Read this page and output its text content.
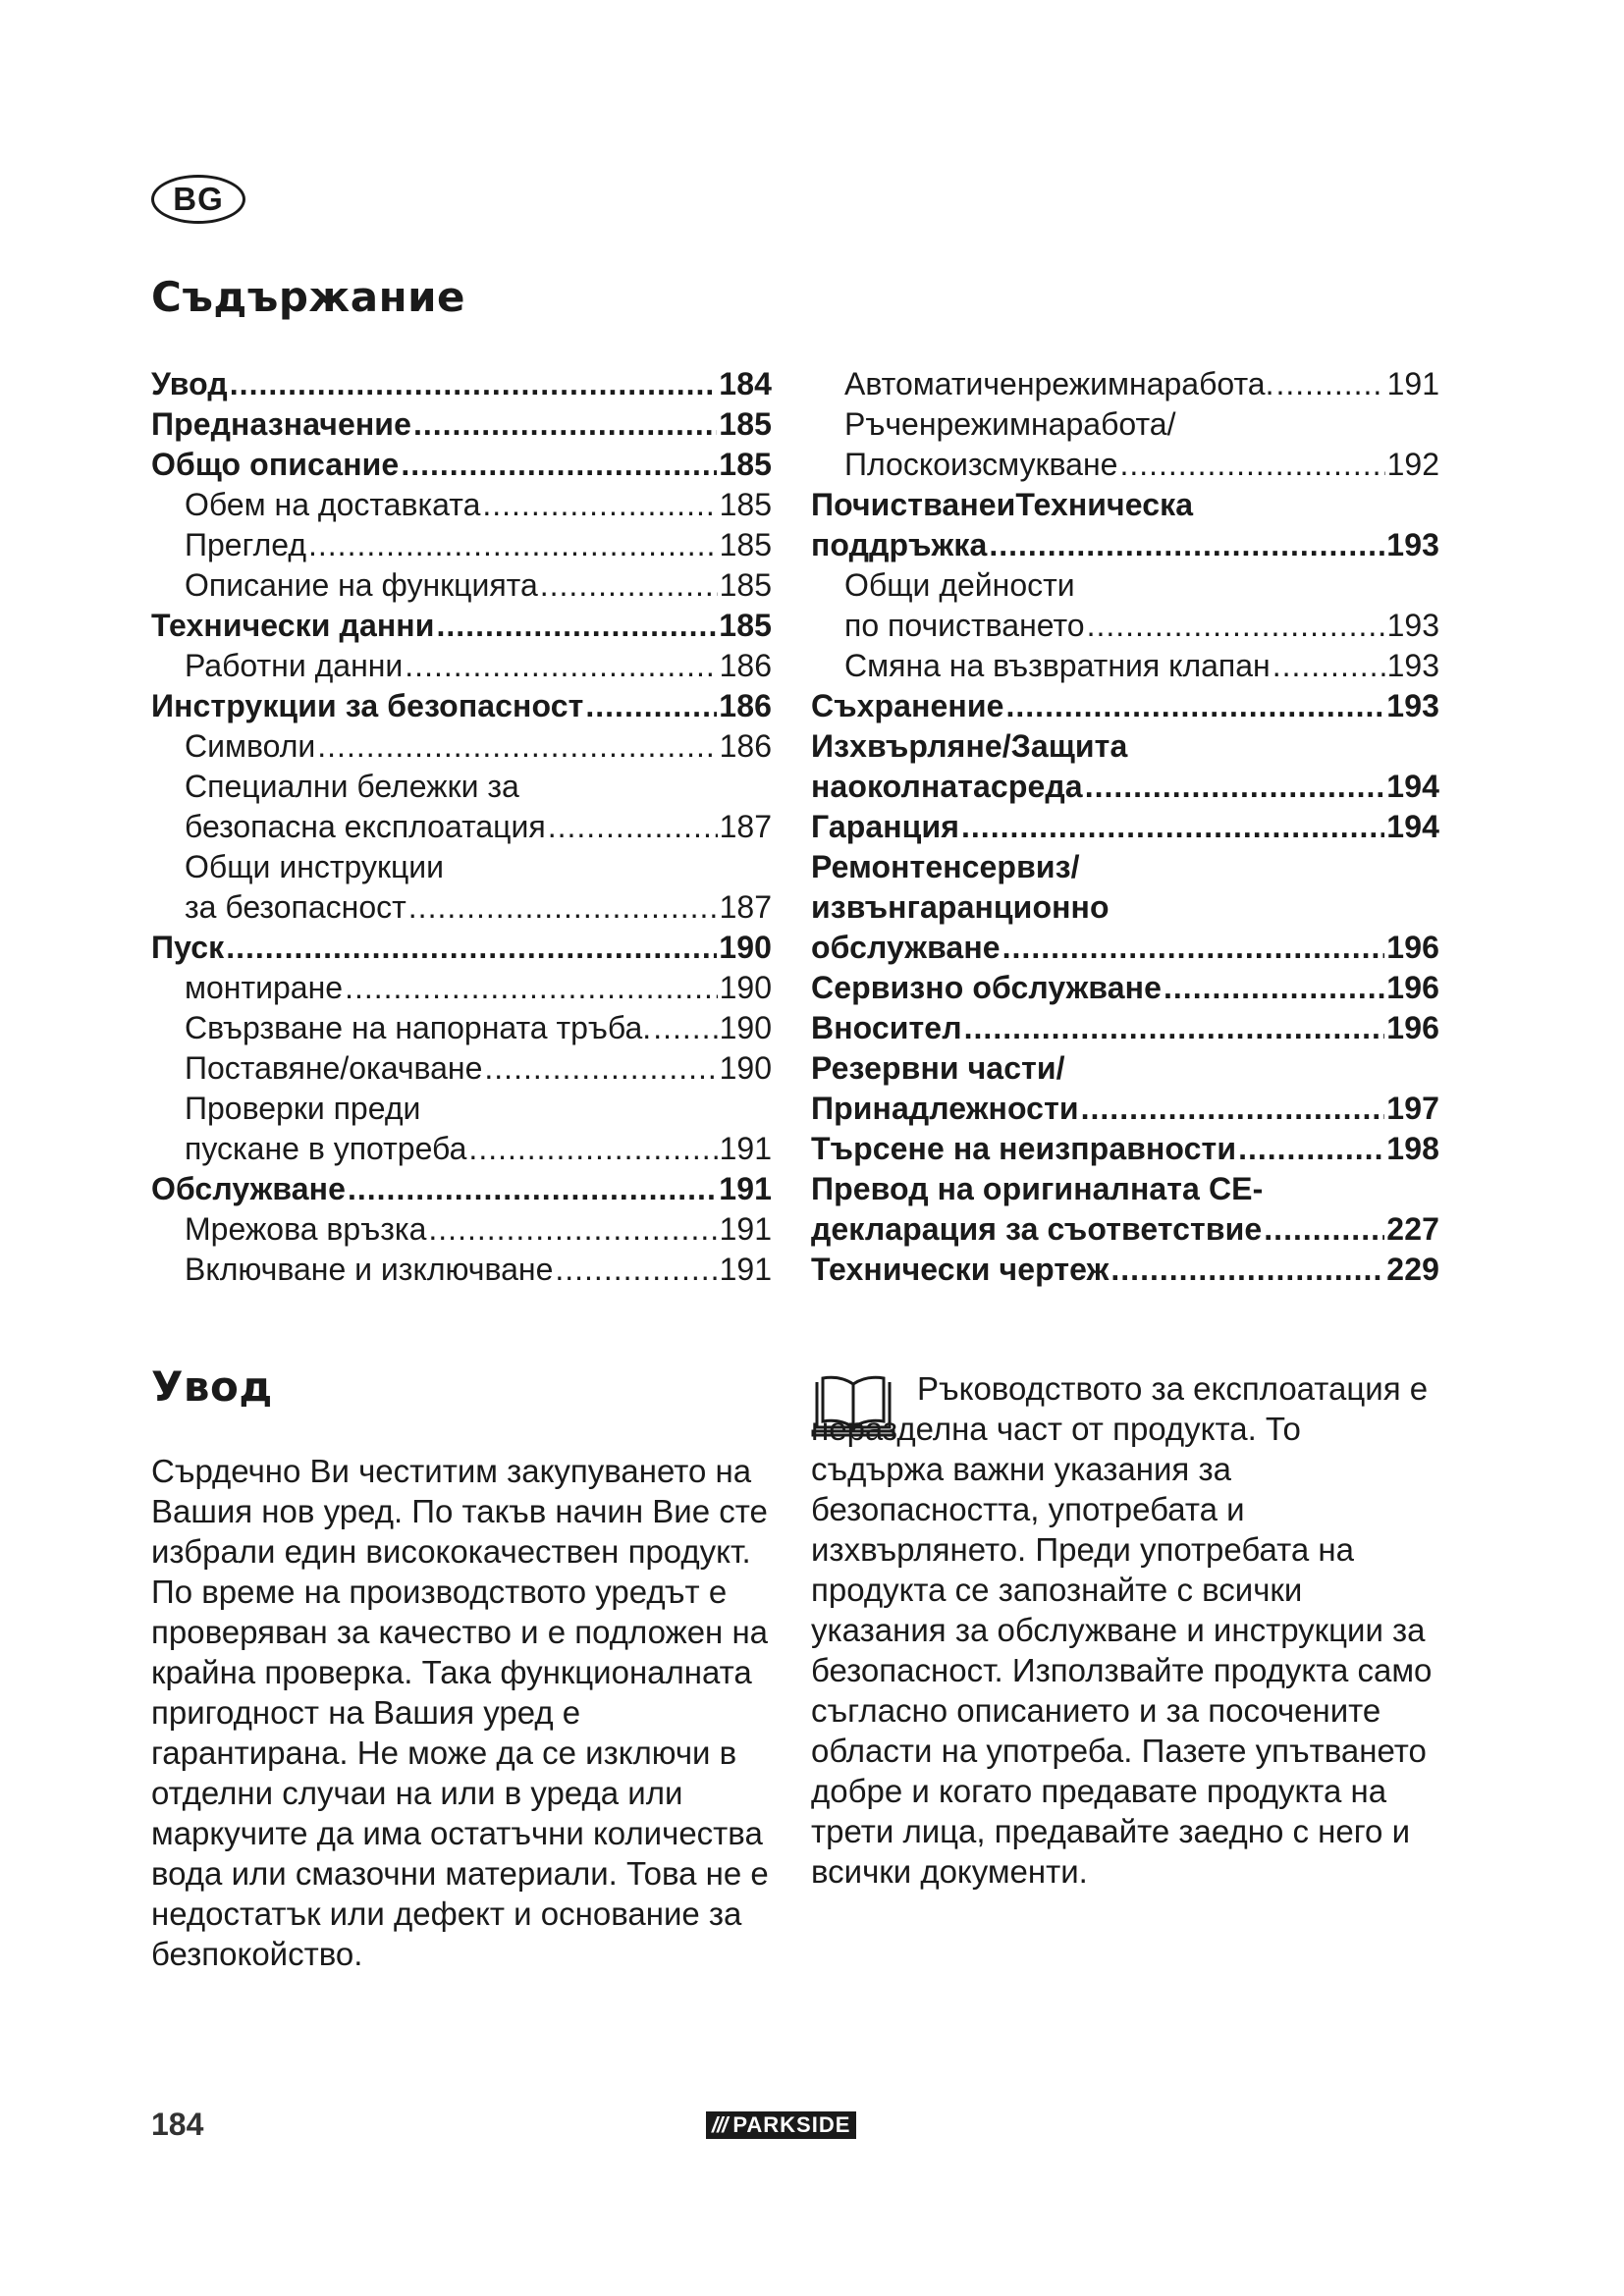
BG
Съдържание
Увод .....	184
Предназначение .....	185
Общо описание .....	185
Обем на доставката .....	185
Преглед .....	185
Описание на функцията .....	185
Технически данни .....	185
Работни данни .....	186
Инструкции за безопасност .....	186
Символи .....	186
Специални бележки за
безопасна експлоатация .....	187
Общи инструкции
за безопасност .....	187
Пуск .....	190
монтиране .....	190
Свързване на напорната тръба. ..... 190
Поставяне/окачване .....	190
Проверки преди
пускане в употреба .....	191
Обслужване .....	191
Мрежова връзка .....	191
Включване и изключване .....	191
Автоматиченрежимнаработа. .....	191
Ръченрежимнаработа/
Плоскоизсмукване .....	192
ПочистванеиТехническа
поддръжка .....	193
Общи дейности
по почистването .....	193
Смяна на възвратния клапан .....	193
Съхранение .....	193
Изхвърляне/Защита
наоколнатасреда .....	194
Гаранция .....	194
Ремонтенсервиз/
извънгаранционно
обслужване .....	196
Сервизно обслужване .....	196
Вносител .....	196
Резервни части/
Принадлежности .....	197
Търсене на неизправности .....	198
Превод на оригиналната СЕ-
декларация за съответствие .....	227
Технически чертеж .....	229
Увод

Сърдечно Ви честитим закупуването на Вашия нов уред. По такъв начин Вие сте избрали един висококачествен продукт. По време на производството уредът е проверяван за качество и е подложен на крайна проверка. Така функционалната пригодност на Вашия уред е гарантирана. Не може да се изключи в отделни случаи на или в уреда или маркучите да има остатъчни количества вода или смазочни материали. Това не е недостатък или дефект и основание за безпокойство.

Ръководството за експлоатация е неразделна част от продукта. То съдържа важни указания за безопасността, употребата и изхвърлянето. Преди употребата на продукта се запознайте с всички указания за обслужване и инструкции за безопасност. Използвайте продукта само съгласно описанието и за посочените области на употреба. Пазете упътването добре и когато предавате продукта на трети лица, предавайте заедно с него и всички документи.

184	/// PARKSIDE
